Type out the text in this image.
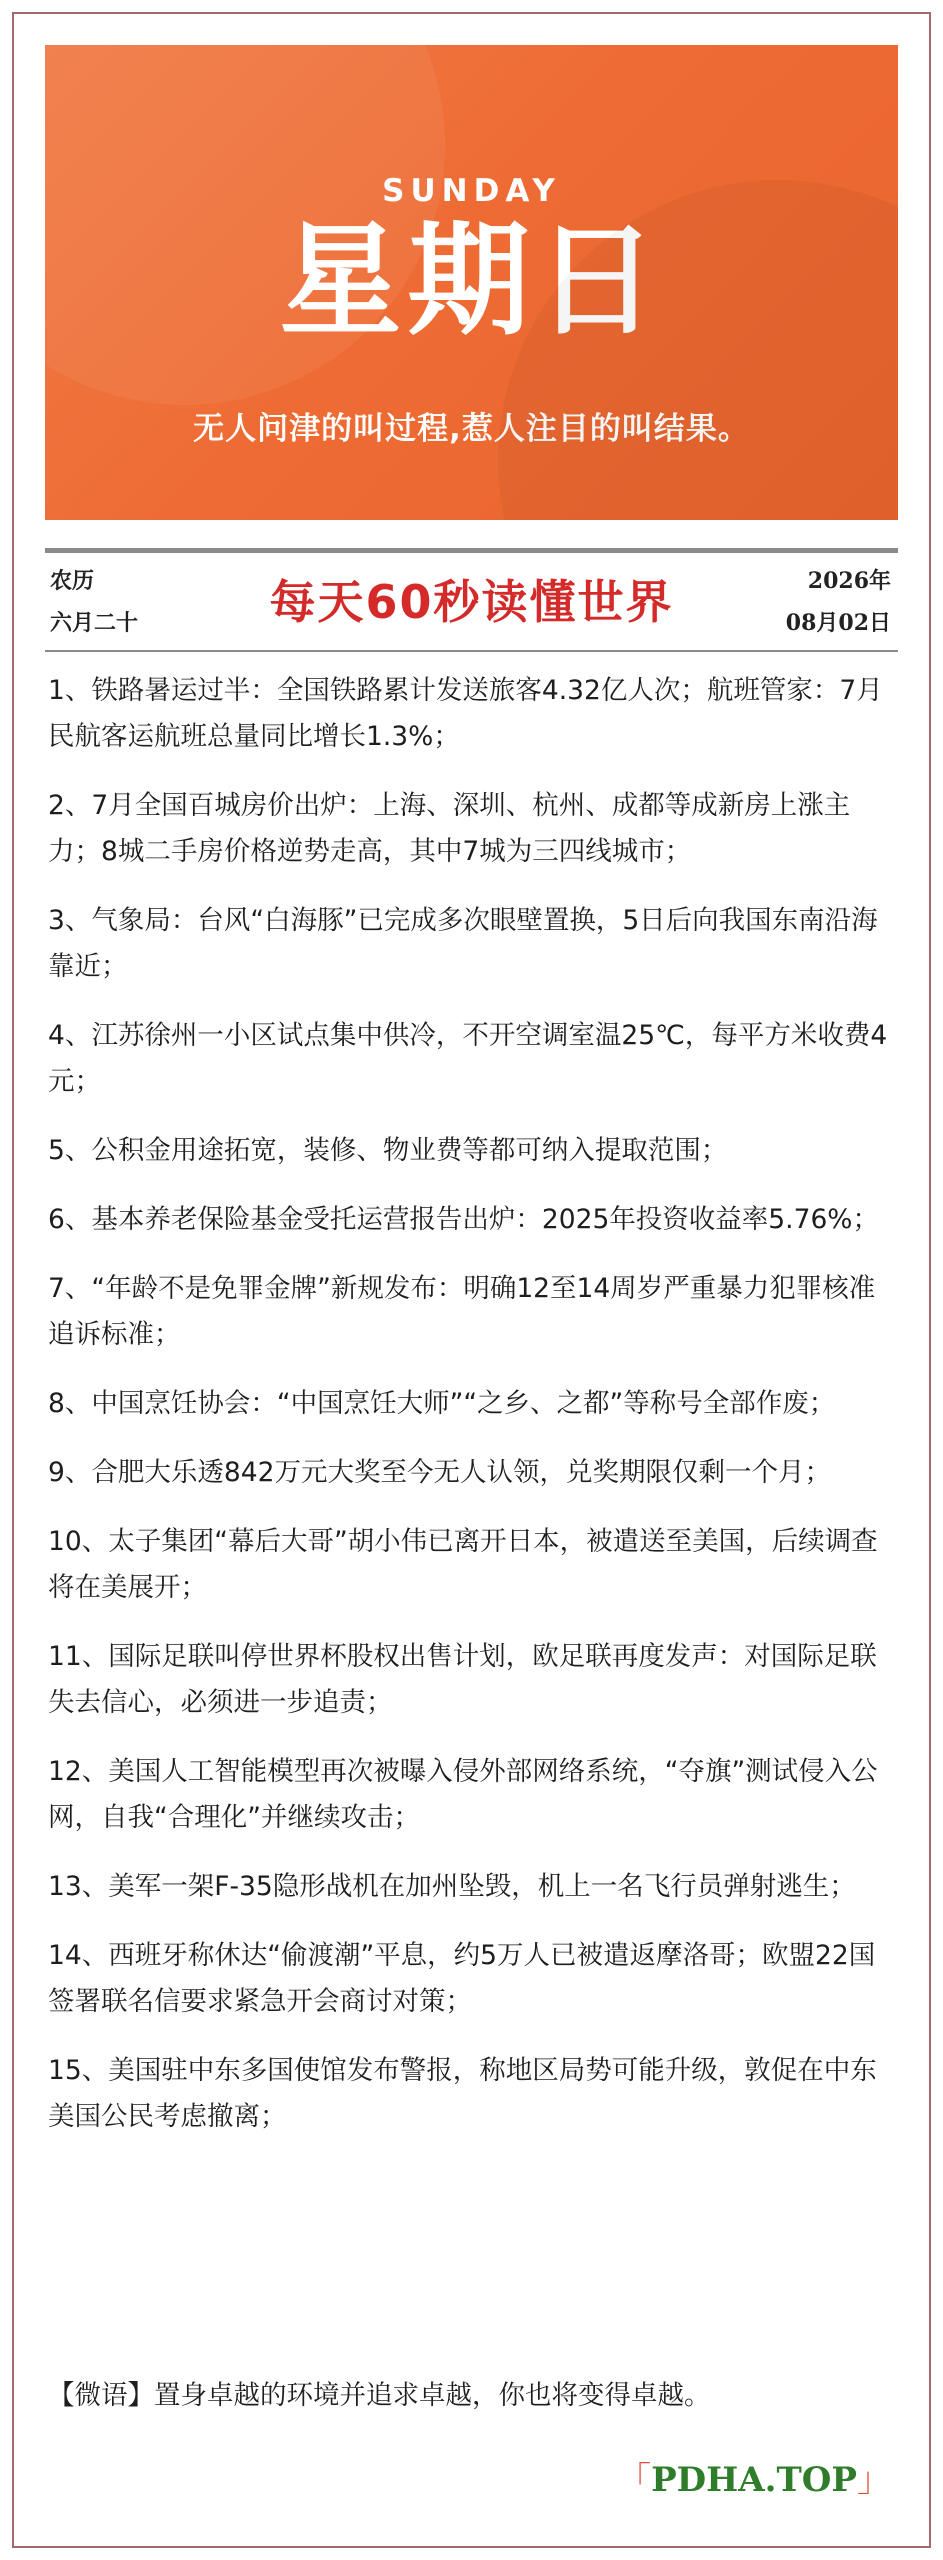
SUNDAY
星期日
无人问津的叫过程,惹人注目的叫结果。
农历
六月二十	每天60秒读懂世界	2026年
08月02日
1、铁路暑运过半：全国铁路累计发送旅客4.32亿人次；航班管家：7月民航客运航班总量同比增长1.3%；
2、7月全国百城房价出炉：上海、深圳、杭州、成都等成新房上涨主力；8城二手房价格逆势走高，其中7城为三四线城市；
3、气象局：台风“白海豚”已完成多次眼壁置换，5日后向我国东南沿海靠近；
4、江苏徐州一小区试点集中供冷，不开空调室温25℃，每平方米收费4元；
5、公积金用途拓宽，装修、物业费等都可纳入提取范围；
6、基本养老保险基金受托运营报告出炉：2025年投资收益率5.76%；
7、“年龄不是免罪金牌”新规发布：明确12至14周岁严重暴力犯罪核准追诉标准；
8、中国烹饪协会：“中国烹饪大师”“之乡、之都”等称号全部作废；
9、合肥大乐透842万元大奖至今无人认领，兑奖期限仅剩一个月；
10、太子集团“幕后大哥”胡小伟已离开日本，被遣送至美国，后续调查将在美展开；
11、国际足联叫停世界杯股权出售计划，欧足联再度发声：对国际足联失去信心，必须进一步追责；
12、美国人工智能模型再次被曝入侵外部网络系统，“夺旗”测试侵入公网，自我“合理化”并继续攻击；
13、美军一架F-35隐形战机在加州坠毁，机上一名飞行员弹射逃生；
14、西班牙称休达“偷渡潮”平息，约5万人已被遣返摩洛哥；欧盟22国签署联名信要求紧急开会商讨对策；
15、美国驻中东多国使馆发布警报，称地区局势可能升级，敦促在中东美国公民考虑撤离；
【微语】置身卓越的环境并追求卓越，你也将变得卓越。
「PDHA.TOP」
